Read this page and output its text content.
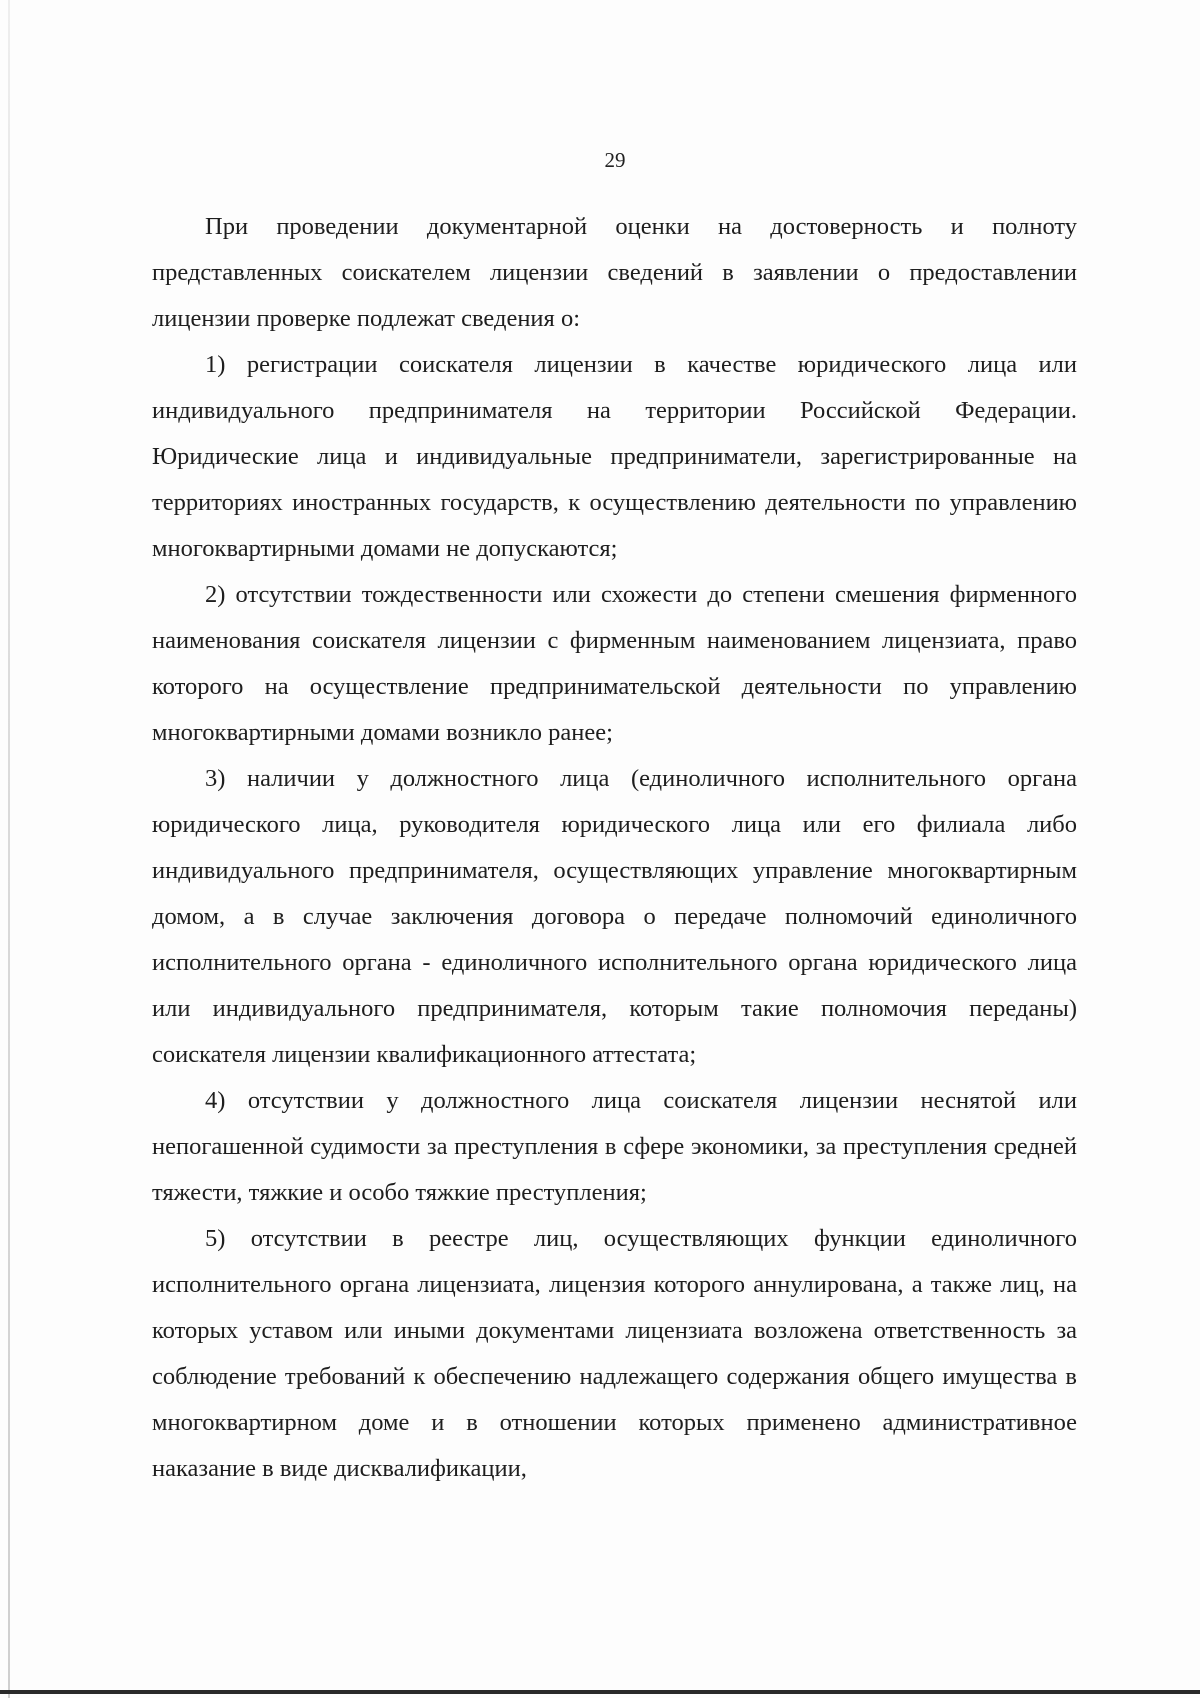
29

При проведении документарной оценки на достоверность и полноту представленных соискателем лицензии сведений в заявлении о предоставлении лицензии проверке подлежат сведения о:

1) регистрации соискателя лицензии в качестве юридического лица или индивидуального предпринимателя на территории Российской Федерации. Юридические лица и индивидуальные предприниматели, зарегистрированные на территориях иностранных государств, к осуществлению деятельности по управлению многоквартирными домами не допускаются;

2) отсутствии тождественности или схожести до степени смешения фирменного наименования соискателя лицензии с фирменным наименованием лицензиата, право которого на осуществление предпринимательской деятельности по управлению многоквартирными домами возникло ранее;

3) наличии у должностного лица (единоличного исполнительного органа юридического лица, руководителя юридического лица или его филиала либо индивидуального предпринимателя, осуществляющих управление многоквартирным домом, а в случае заключения договора о передаче полномочий единоличного исполнительного органа - единоличного исполнительного органа юридического лица или индивидуального предпринимателя, которым такие полномочия переданы) соискателя лицензии квалификационного аттестата;

4) отсутствии у должностного лица соискателя лицензии неснятой или непогашенной судимости за преступления в сфере экономики, за преступления средней тяжести, тяжкие и особо тяжкие преступления;

5) отсутствии в реестре лиц, осуществляющих функции единоличного исполнительного органа лицензиата, лицензия которого аннулирована, а также лиц, на которых уставом или иными документами лицензиата возложена ответственность за соблюдение требований к обеспечению надлежащего содержания общего имущества в многоквартирном доме и в отношении которых применено административное наказание в виде дисквалификации,
